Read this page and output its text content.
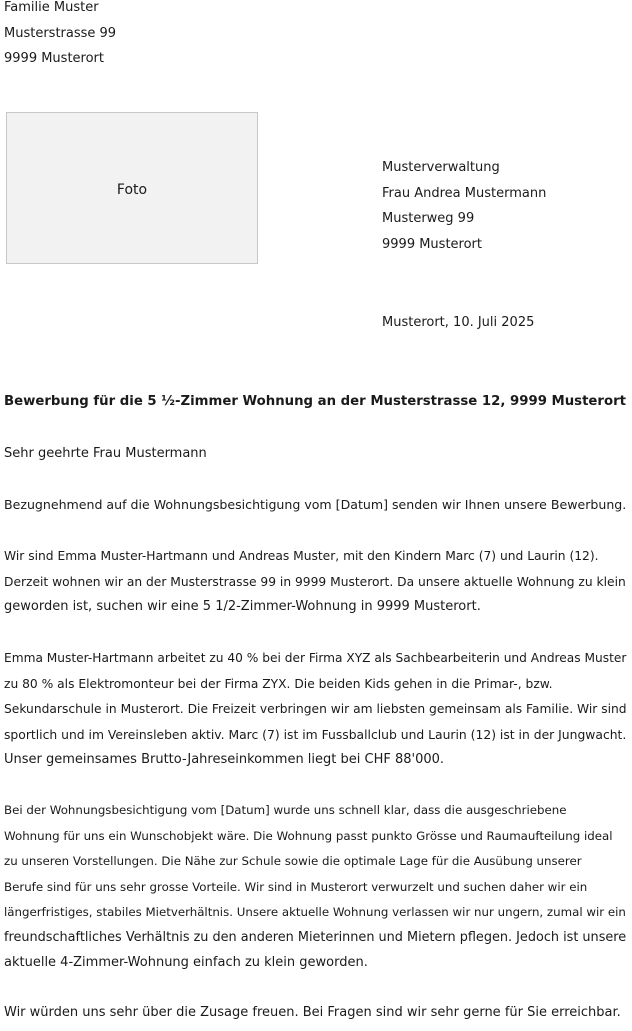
Familie Muster
Musterstrasse 99
9999 Musterort
Foto
Musterverwaltung
Frau Andrea Mustermann
Musterweg 99
9999 Musterort
Musterort, 10. Juli 2025
Bewerbung für die 5 ½-Zimmer Wohnung an der Musterstrasse 12, 9999 Musterort
Sehr geehrte Frau Mustermann
Bezugnehmend auf die Wohnungsbesichtigung vom [Datum] senden wir Ihnen unsere Bewerbung.
Wir sind Emma Muster-Hartmann und Andreas Muster, mit den Kindern Marc (7) und Laurin (12).
Derzeit wohnen wir an der Musterstrasse 99 in 9999 Musterort. Da unsere aktuelle Wohnung zu klein
geworden ist, suchen wir eine 5 1/2-Zimmer-Wohnung in 9999 Musterort.
Emma Muster-Hartmann arbeitet zu 40 % bei der Firma XYZ als Sachbearbeiterin und Andreas Muster
zu 80 % als Elektromonteur bei der Firma ZYX. Die beiden Kids gehen in die Primar-, bzw.
Sekundarschule in Musterort. Die Freizeit verbringen wir am liebsten gemeinsam als Familie. Wir sind
sportlich und im Vereinsleben aktiv. Marc (7) ist im Fussballclub und Laurin (12) ist in der Jungwacht.
Unser gemeinsames Brutto-Jahreseinkommen liegt bei CHF 88'000.
Bei der Wohnungsbesichtigung vom [Datum] wurde uns schnell klar, dass die ausgeschriebene
Wohnung für uns ein Wunschobjekt wäre. Die Wohnung passt punkto Grösse und Raumaufteilung ideal
zu unseren Vorstellungen. Die Nähe zur Schule sowie die optimale Lage für die Ausübung unserer
Berufe sind für uns sehr grosse Vorteile. Wir sind in Musterort verwurzelt und suchen daher wir ein
längerfristiges, stabiles Mietverhältnis. Unsere aktuelle Wohnung verlassen wir nur ungern, zumal wir ein
freundschaftliches Verhältnis zu den anderen Mieterinnen und Mietern pflegen. Jedoch ist unsere
aktuelle 4-Zimmer-Wohnung einfach zu klein geworden.
Wir würden uns sehr über die Zusage freuen. Bei Fragen sind wir sehr gerne für Sie erreichbar.
